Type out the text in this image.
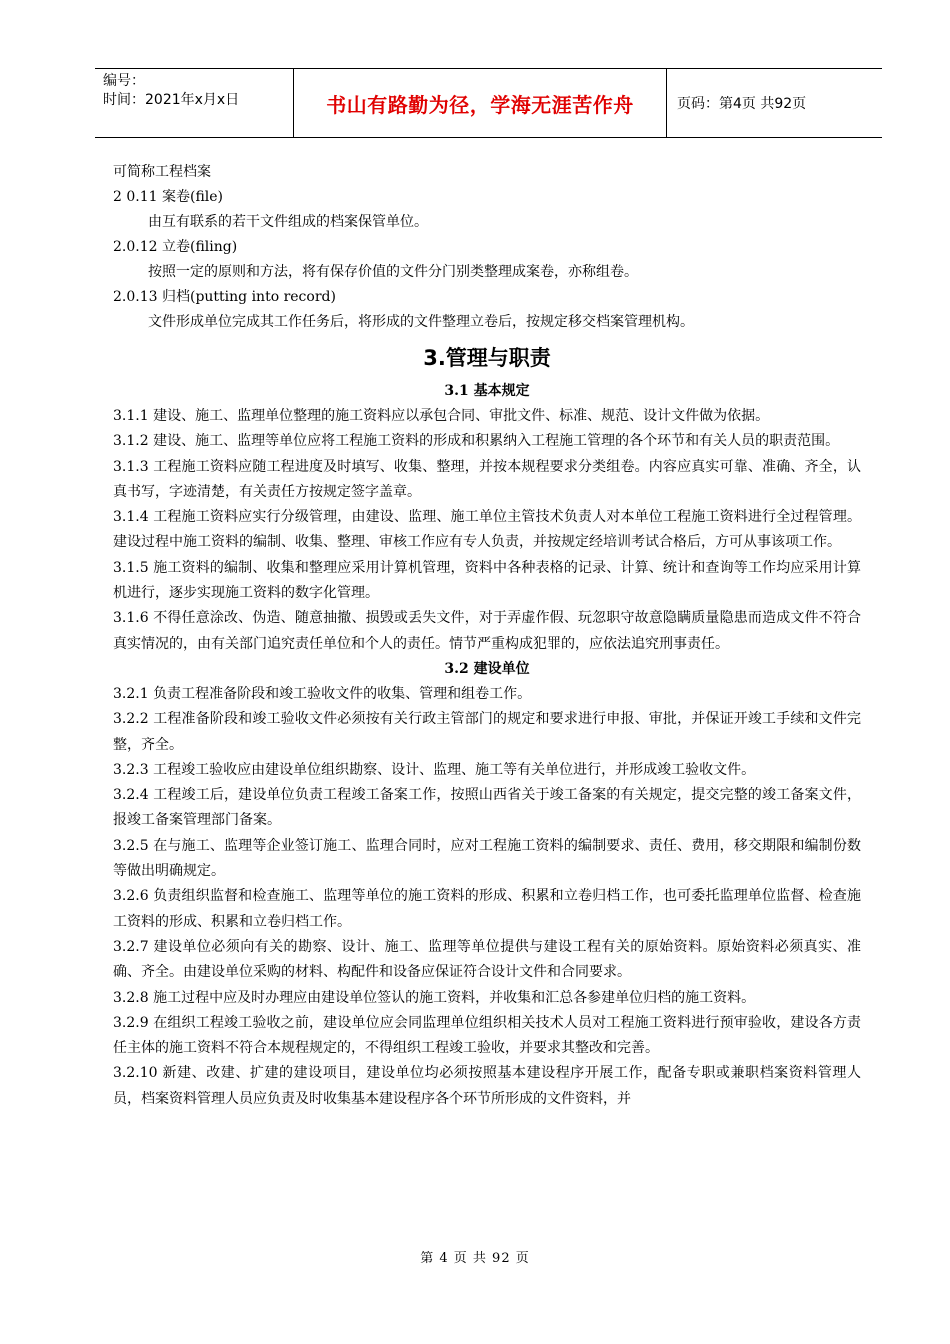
编号：
时间：2021年x月x日	书山有路勤为径，学海无涯苦作舟	页码：第4页 共92页
可简称工程档案
2 0.11 案卷(file)
由互有联系的若干文件组成的档案保管单位。
2.0.12 立卷(filing)
按照一定的原则和方法，将有保存价值的文件分门别类整理成案卷，亦称组卷。
2.0.13 归档(putting into record)
文件形成单位完成其工作任务后，将形成的文件整理立卷后，按规定移交档案管理机构。
3.管理与职责
3.1 基本规定
3.1.1 建设、施工、监理单位整理的施工资料应以承包合同、审批文件、标准、规范、设计文件做为依据。
3.1.2 建设、施工、监理等单位应将工程施工资料的形成和积累纳入工程施工管理的各个环节和有关人员的职责范围。
3.1.3 工程施工资料应随工程进度及时填写、收集、整理，并按本规程要求分类组卷。内容应真实可靠、准确、齐全，认真书写，字迹清楚，有关责任方按规定签字盖章。
3.1.4 工程施工资料应实行分级管理，由建设、监理、施工单位主管技术负责人对本单位工程施工资料进行全过程管理。建设过程中施工资料的编制、收集、整理、审核工作应有专人负责，并按规定经培训考试合格后，方可从事该项工作。
3.1.5 施工资料的编制、收集和整理应采用计算机管理，资料中各种表格的记录、计算、统计和查询等工作均应采用计算机进行，逐步实现施工资料的数字化管理。
3.1.6 不得任意涂改、伪造、随意抽撤、损毁或丢失文件，对于弄虚作假、玩忽职守故意隐瞒质量隐患而造成文件不符合真实情况的，由有关部门追究责任单位和个人的责任。情节严重构成犯罪的，应依法追究刑事责任。
3.2 建设单位
3.2.1 负责工程准备阶段和竣工验收文件的收集、管理和组卷工作。
3.2.2 工程准备阶段和竣工验收文件必须按有关行政主管部门的规定和要求进行申报、审批，并保证开竣工手续和文件完整，齐全。
3.2.3 工程竣工验收应由建设单位组织勘察、设计、监理、施工等有关单位进行，并形成竣工验收文件。
3.2.4 工程竣工后，建设单位负责工程竣工备案工作，按照山西省关于竣工备案的有关规定，提交完整的竣工备案文件，报竣工备案管理部门备案。
3.2.5 在与施工、监理等企业签订施工、监理合同时，应对工程施工资料的编制要求、责任、费用，移交期限和编制份数等做出明确规定。
3.2.6 负责组织监督和检查施工、监理等单位的施工资料的形成、积累和立卷归档工作，也可委托监理单位监督、检查施工资料的形成、积累和立卷归档工作。
3.2.7 建设单位必须向有关的勘察、设计、施工、监理等单位提供与建设工程有关的原始资料。原始资料必须真实、准确、齐全。由建设单位采购的材料、构配件和设备应保证符合设计文件和合同要求。
3.2.8 施工过程中应及时办理应由建设单位签认的施工资料，并收集和汇总各参建单位归档的施工资料。
3.2.9 在组织工程竣工验收之前，建设单位应会同监理单位组织相关技术人员对工程施工资料进行预审验收，建设各方责任主体的施工资料不符合本规程规定的，不得组织工程竣工验收，并要求其整改和完善。
3.2.10 新建、改建、扩建的建设项目，建设单位均必须按照基本建设程序开展工作，配备专职或兼职档案资料管理人员，档案资料管理人员应负责及时收集基本建设程序各个环节所形成的文件资料，并
第 4 页 共 92 页
